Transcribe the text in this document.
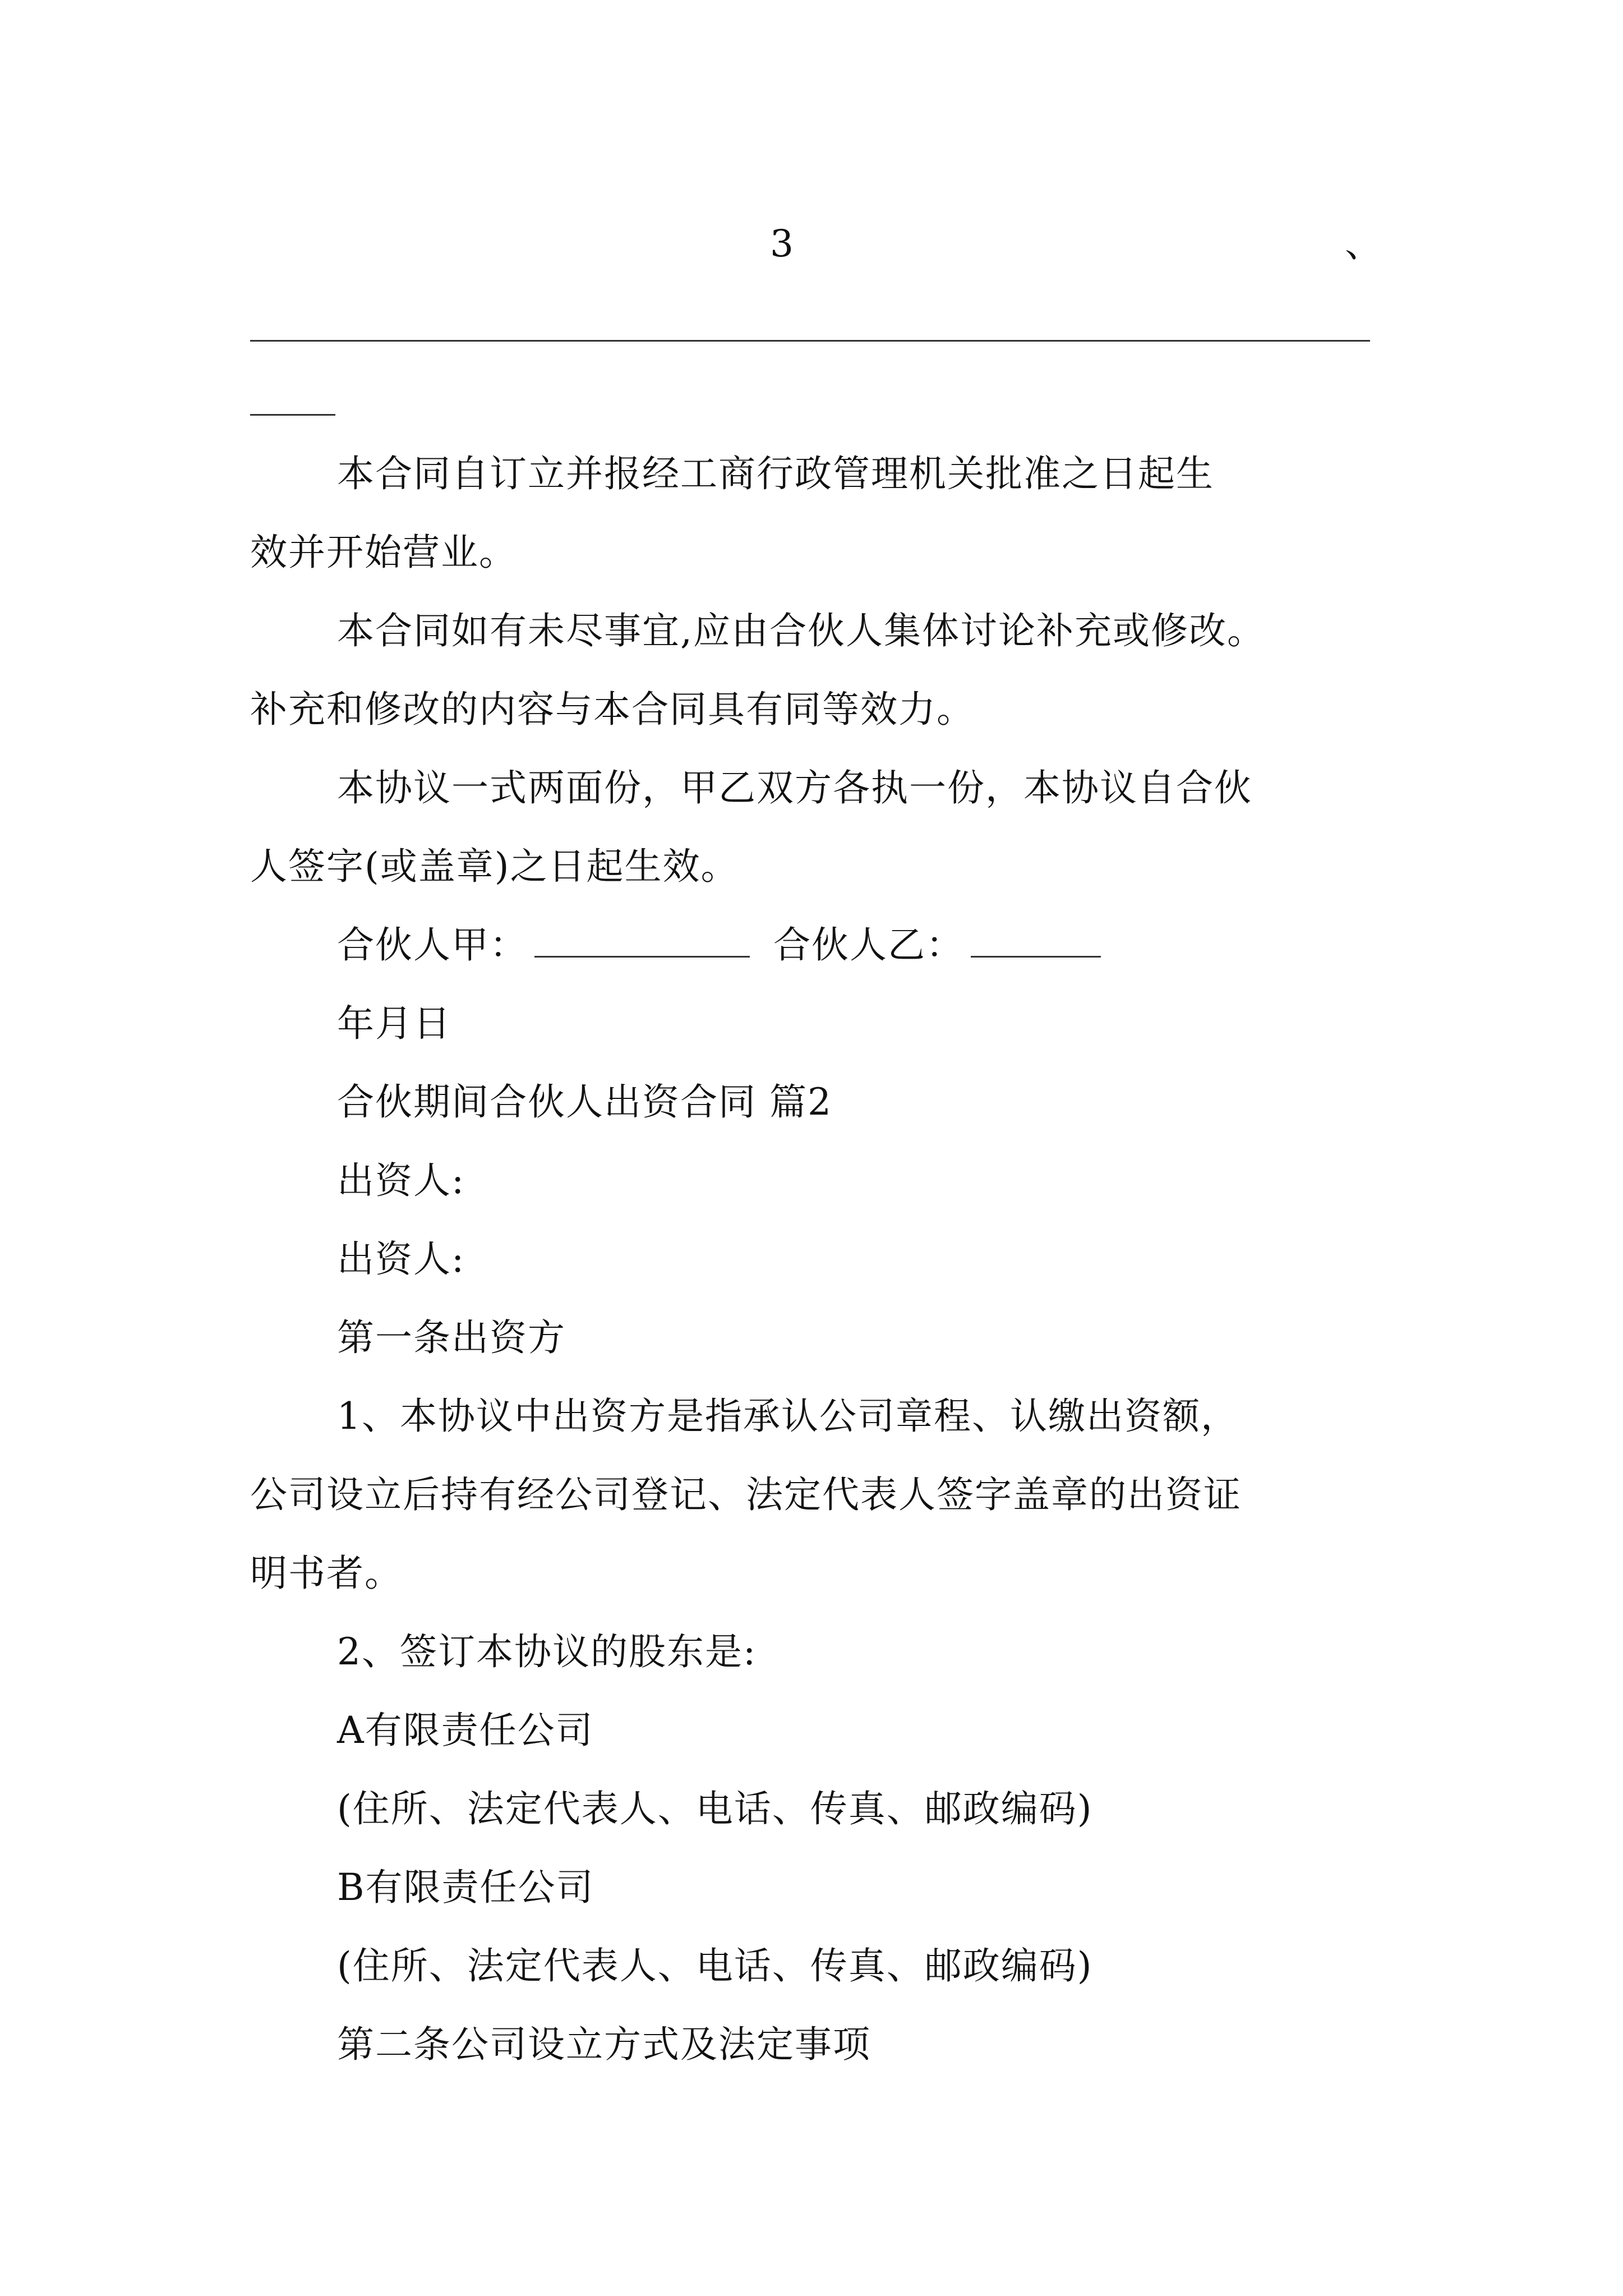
3	、
本合同自订立并报经工商行政管理机关批准之日起生
效并开始营业。
本合同如有未尽事宜,应由合伙人集体讨论补充或修改。
补充和修改的内容与本合同具有同等效力。
本协议一式两面份，甲乙双方各执一份，本协议自合伙
人签字(或盖章)之日起生效。
合伙人甲：	合伙人乙：
年月日
合伙期间合伙人出资合同 篇2
出资人:
出资人:
第一条出资方
1、本协议中出资方是指承认公司章程、认缴出资额，
公司设立后持有经公司登记、法定代表人签字盖章的出资证
明书者。
2、签订本协议的股东是:
A有限责任公司
(住所、法定代表人、电话、传真、邮政编码)
B有限责任公司
(住所、法定代表人、电话、传真、邮政编码)
第二条公司设立方式及法定事项
